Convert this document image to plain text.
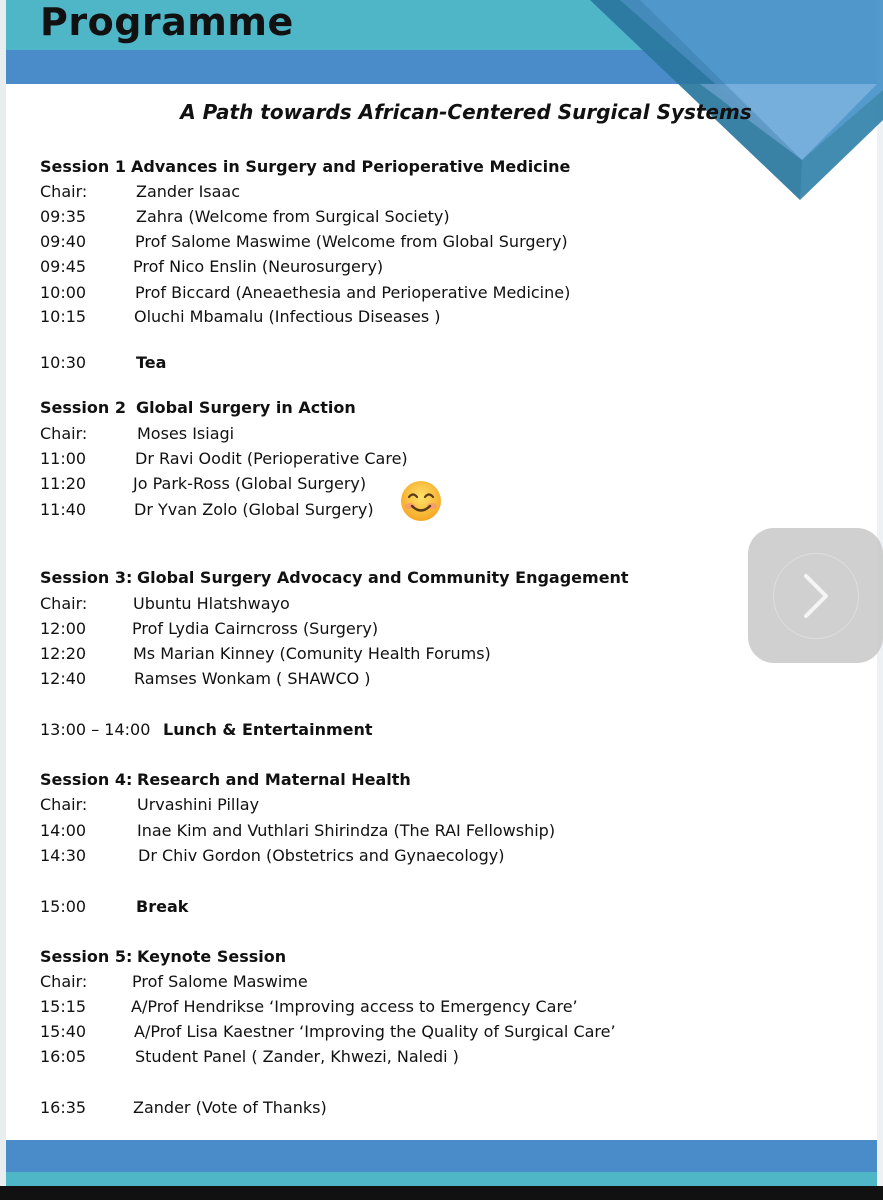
Programme
A Path towards African-Centered Surgical Systems
Session 1 Advances in Surgery and Perioperative Medicine
Chair:	Zander Isaac
09:35	Zahra (Welcome from Surgical Society)
09:40	Prof Salome Maswime (Welcome from Global Surgery)
09:45	Prof Nico Enslin (Neurosurgery)
10:00	Prof Biccard (Aneaethesia and Perioperative Medicine)
10:15	Oluchi Mbamalu (Infectious Diseases )
10:30	Tea
Session 2 Global Surgery in Action
Chair:	Moses Isiagi
11:00	Dr Ravi Oodit (Perioperative Care)
11:20	Jo Park-Ross (Global Surgery)
11:40	Dr Yvan Zolo (Global Surgery)
Session 3: Global Surgery Advocacy and Community Engagement
Chair:	Ubuntu Hlatshwayo
12:00	Prof Lydia Cairncross (Surgery)
12:20	Ms Marian Kinney (Comunity Health Forums)
12:40	Ramses Wonkam ( SHAWCO )
13:00 – 14:00 Lunch & Entertainment
Session 4: Research and Maternal Health
Chair:	Urvashini Pillay
14:00	Inae Kim and Vuthlari Shirindza (The RAI Fellowship)
14:30	Dr Chiv Gordon (Obstetrics and Gynaecology)
15:00	Break
Session 5: Keynote Session
Chair:	Prof Salome Maswime
15:15	A/Prof Hendrikse ‘Improving access to Emergency Care’
15:40	A/Prof Lisa Kaestner ‘Improving the Quality of Surgical Care’
16:05	Student Panel ( Zander, Khwezi, Naledi )
16:35	Zander (Vote of Thanks)
